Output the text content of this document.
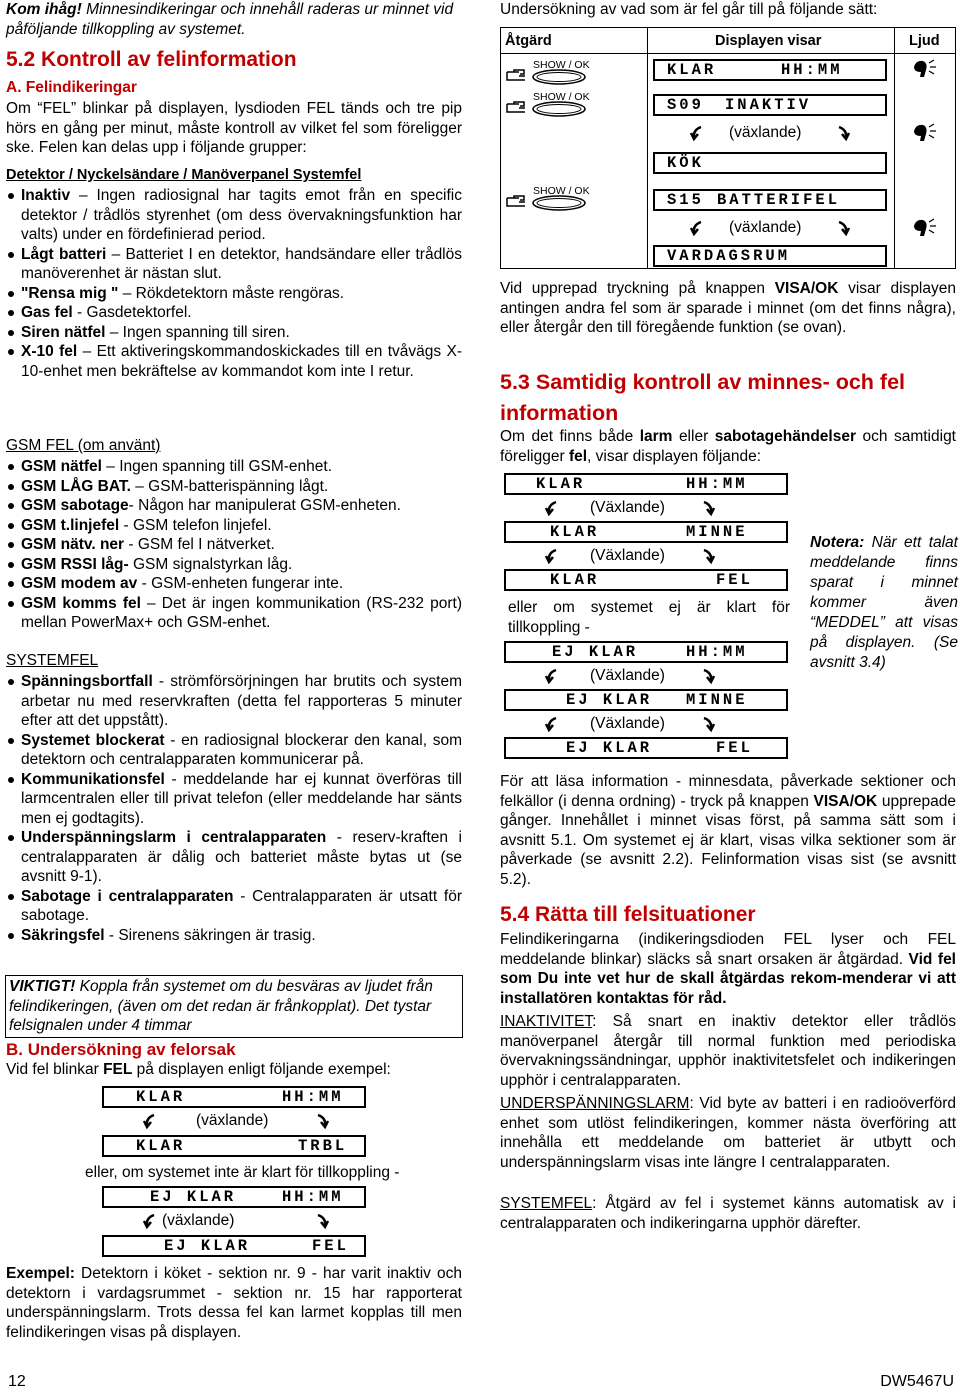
Kom ihåg! Minnesindikeringar och innehåll raderas ur minnet vid påföljande tillkoppling av systemet.

5.2 Kontroll av felinformation

A. Felindikeringar

Om “FEL” blinkar på displayen, lysdioden FEL tänds och tre pip hörs en gång per minut, måste kontroll av vilket fel som föreligger ske. Felen kan delas upp i följande grupper:

Detektor / Nyckelsändare / Manöverpanel Systemfel

Inaktiv – Ingen radiosignal har tagits emot från en specific detektor / trådlös styrenhet (om dess övervakningsfunktion har valts) under en fördefinierad period.
Lågt batteri – Batteriet I en detektor, handsändare eller trådlös manöverenhet är nästan slut.
"Rensa mig " – Rökdetektorn måste rengöras.
Gas fel - Gasdetektorfel.
Siren nätfel – Ingen spanning till siren.
X-10 fel – Ett aktiveringskommandoskickades till en tvåvägs X-10-enhet men bekräftelse av kommandot kom inte I retur.

GSM FEL (om använt)

GSM nätfel – Ingen spanning till GSM-enhet.
GSM LÅG BAT. – GSM-batterispänning lågt.
GSM sabotage- Någon har manipulerat GSM-enheten.
GSM t.linjefel - GSM telefon linjefel.
GSM nätv. ner - GSM fel I nätverket.
GSM RSSI låg- GSM signalstyrkan låg.
GSM modem av - GSM-enheten fungerar inte.
GSM komms fel – Det är ingen kommunikation (RS-232 port) mellan PowerMax+ och GSM-enhet.

SYSTEMFEL

Spänningsbortfall - strömförsörjningen har brutits och system arbetar nu med reservkraften (detta fel rapporteras 5 minuter efter att det uppstått).
Systemet blockerat - en radiosignal blockerar den kanal, som detektorn och centralapparaten kommunicerar på.
Kommunikationsfel - meddelande har ej kunnat överföras till larmcentralen eller till privat telefon (eller meddelande har sänts men ej godtagits).
Underspänningslarm i centralapparaten - reserv-kraften i centralapparaten är dålig och batteriet måste bytas ut (se avsnitt 9-1).
Sabotage i centralapparaten - Centralapparaten är utsatt för sabotage.
Säkringsfel - Sirenens säkringen är trasig.
VIKTIGT! Koppla från systemet om du besväras av ljudet från felindikeringen, (även om det redan är frånkopplat). Det tystar felsignalen under 4 timmar

B. Undersökning av felorsak

Vid fel blinkar FEL på displayen enligt följande exempel:

KLAR	HH:MM
(växlande)
KLAR	TRBL

eller, om systemet inte är klart för tillkoppling -

EJ KLAR	HH:MM
(växlande)
EJ KLAR	FEL

Exempel: Detektorn i köket - sektion nr. 9 - har varit inaktiv och detektorn i vardagsrummet - sektion nr. 15 har rapporterat underspänningslarm. Trots dessa fel kan larmet kopplas till men felindikeringen visas på displayen.

Undersökning av vad som är fel går till på följande sätt:

Åtgärd	Displayen visar	Ljud
SHOW / OK	KLAR	HH:MM
SHOW / OK	S09 INAKTIV
(växlande)
KÖK
SHOW / OK	S15 BATTERIFEL
(växlande)
VARDAGSRUM

Vid upprepad tryckning på knappen VISA/OK visar displayen antingen andra fel som är sparade i minnet (om det finns några), eller återgår den till föregående funktion (se ovan).

5.3 Samtidig kontroll av minnes- och fel information

Om det finns både larm eller sabotagehändelser och samtidigt föreligger fel, visar displayen följande:

KLAR	HH:MM
(Växlande)
KLAR	MINNE
(Växlande)
KLAR	FEL

eller om systemet ej är klart för tillkoppling -

EJ KLAR	HH:MM
(Växlande)
EJ KLAR MINNE
(Växlande)
EJ KLAR	FEL

Notera: När ett talat meddelande finns sparat i minnet kommer även “MEDDEL” att visas på displayen. (Se avsnitt 3.4)

För att läsa information - minnesdata, påverkade sektioner och felkällor (i denna ordning) - tryck på knappen VISA/OK upprepade gånger. Innehållet i minnet visas först, på samma sätt som i avsnitt 5.1. Om systemet ej är klart, visas vilka sektioner som är påverkade (se avsnitt 2.2). Felinformation visas sist (se avsnitt 5.2).

5.4 Rätta till felsituationer

Felindikeringarna (indikeringsdioden FEL lyser och FEL meddelande blinkar) släcks så snart orsaken är åtgärdad. Vid fel som Du inte vet hur de skall åtgärdas rekom-menderar vi att installatören kontaktas för råd.

INAKTIVITET: Så snart en inaktiv detektor eller trådlös manöverpanel återgår till normal funktion med periodiska övervakningssändningar, upphör inaktivitetsfelet och indikeringen upphör i centralapparaten.

UNDERSPÄNNINGSLARM: Vid byte av batteri i en radioöverförd enhet som utlöst felindikeringen, kommer nästa överföring att innehålla ett meddelande om batteriet är utbytt och underspänningslarm visas inte längre I centralapparaten.

SYSTEMFEL: Åtgärd av fel i systemet känns automatisk av i centralapparaten och indikeringarna upphör därefter.

12	DW5467U
